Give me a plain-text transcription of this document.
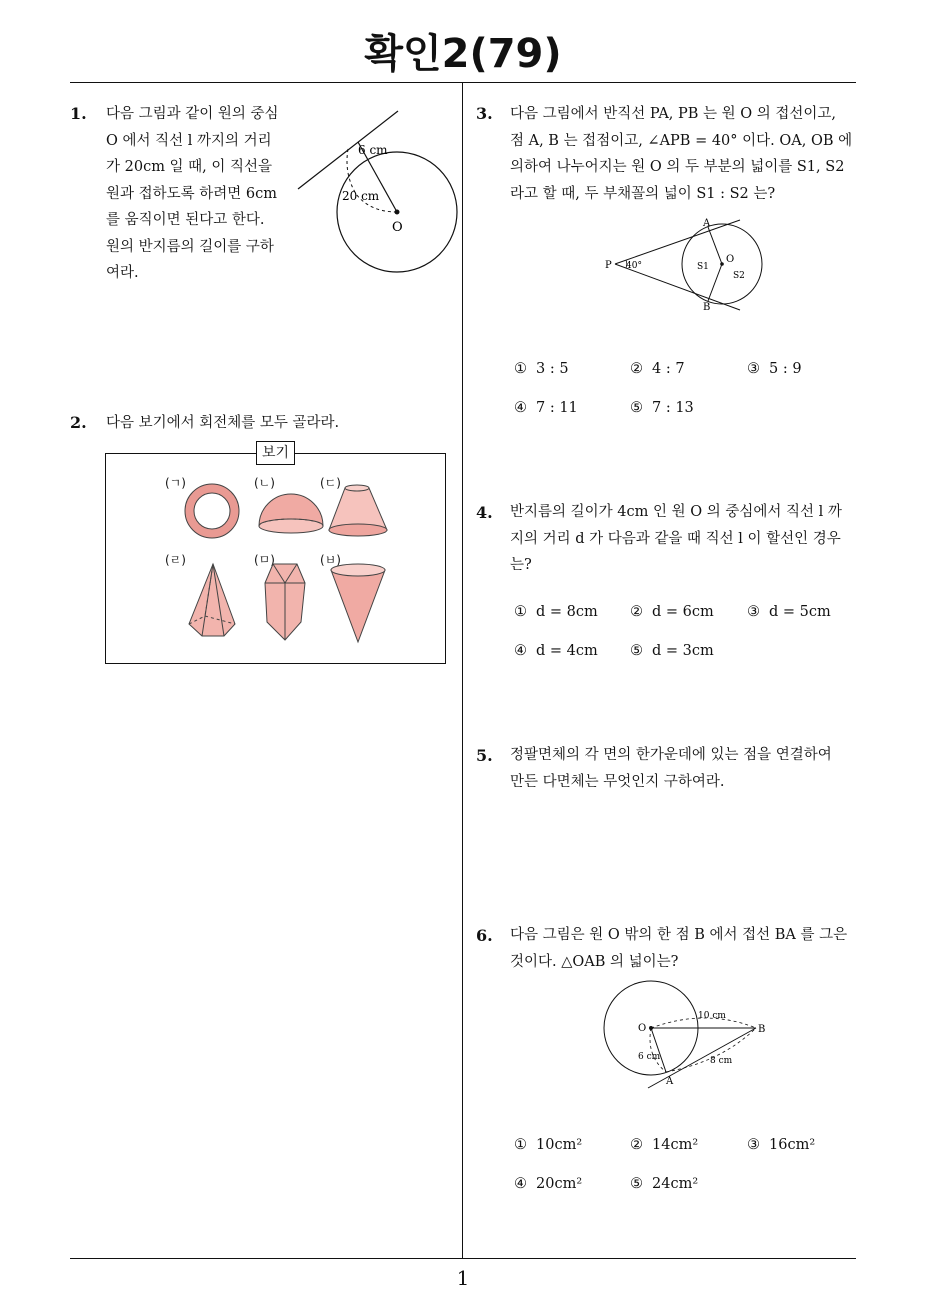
확인2(79)
1
1. 다음 그림과 같이 원의 중심
O 에서 직선 l 까지의 거리
가 20cm 일 때, 이 직선을
원과 접하도록 하려면 6cm
를 움직이면 된다고 한다.
원의 반지름의 길이를 구하
여라.
6 cm
20 cm
O
2. 다음 보기에서 회전체를 모두 골라라.
보기
(ㄱ)	(ㄴ)	(ㄷ)
(ㄹ)	(ㅁ)	(ㅂ)
3. 다음 그림에서 반직선 PA, PB 는 원 O 의 접선이고,
점 A, B 는 접점이고, ∠APB = 40° 이다. OA, OB 에
의하여 나누어지는 원 O 의 두 부분의 넓이를 S1, S2
라고 할 때, 두 부채꼴의 넓이 S1 : S2 는?
P 40°
A
B
O
S1
S2
① 3 : 5	② 4 : 7	③ 5 : 9
④ 7 : 11	⑤ 7 : 13
4. 반지름의 길이가 4cm 인 원 O 의 중심에서 직선 l 까
지의 거리 d 가 다음과 같을 때 직선 l 이 할선인 경우
는?
① d = 8cm ② d = 6cm ③ d = 5cm
④ d = 4cm ⑤ d = 3cm
5. 정팔면체의 각 면의 한가운데에 있는 점을 연결하여
만든 다면체는 무엇인지 구하여라.
6. 다음 그림은 원 O 밖의 한 점 B 에서 접선 BA 를 그은
것이다. △OAB 의 넓이는?
O	B
A
10 cm
6 cm	8 cm
① 10cm²	② 14cm²	③ 16cm²
④ 20cm²	⑤ 24cm²
